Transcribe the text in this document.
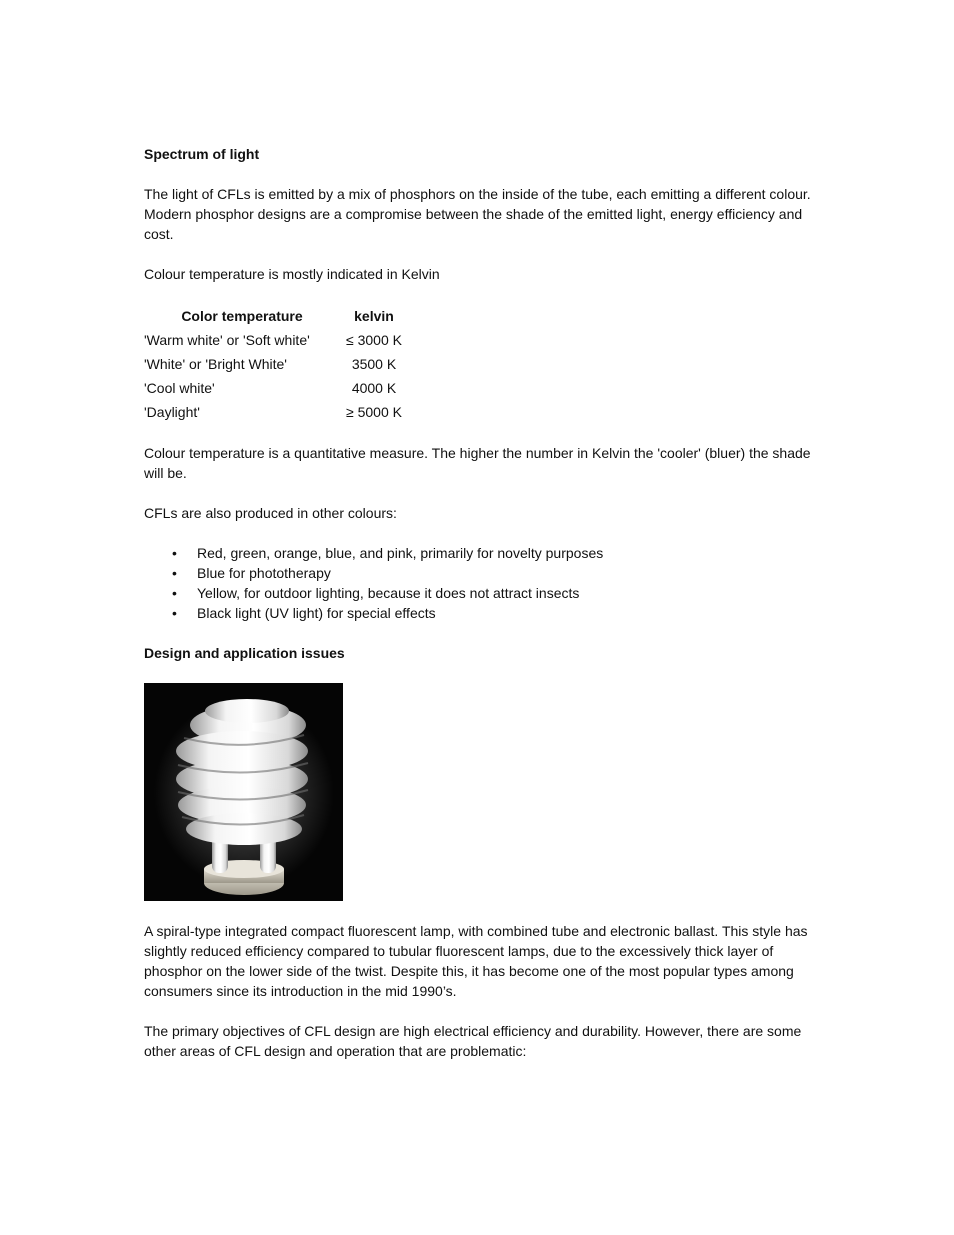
Spectrum of light

The light of CFLs is emitted by a mix of phosphors on the inside of the tube, each emitting a different colour. Modern phosphor designs are a compromise between the shade of the emitted light, energy efficiency and cost.

Colour temperature is mostly indicated in Kelvin

Color temperature	kelvin
'Warm white' or 'Soft white'	≤ 3000 K
'White' or 'Bright White'	3500 K
'Cool white'	4000 K
'Daylight'	≥ 5000 K

Colour temperature is a quantitative measure. The higher the number in Kelvin the 'cooler' (bluer) the shade will be.

CFLs are also produced in other colours:

• Red, green, orange, blue, and pink, primarily for novelty purposes
• Blue for phototherapy
• Yellow, for outdoor lighting, because it does not attract insects
• Black light (UV light) for special effects

Design and application issues

A spiral-type integrated compact fluorescent lamp, with combined tube and electronic ballast. This style has slightly reduced efficiency compared to tubular fluorescent lamps, due to the excessively thick layer of phosphor on the lower side of the twist. Despite this, it has become one of the most popular types among consumers since its introduction in the mid 1990’s.

The primary objectives of CFL design are high electrical efficiency and durability. However, there are some other areas of CFL design and operation that are problematic:
